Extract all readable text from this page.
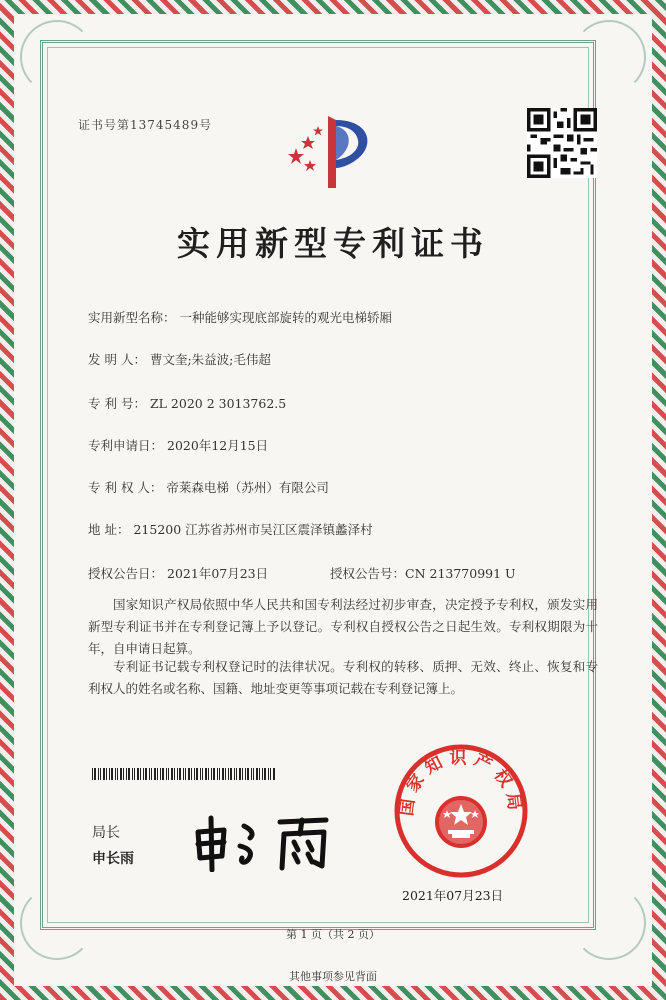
证书号第13745489号
实用新型专利证书
实用新型名称： 一种能够实现底部旋转的观光电梯轿厢
发 明 人： 曹文奎;朱益波;毛伟超
专 利 号： ZL 2020 2 3013762.5
专利申请日： 2020年12月15日
专 利 权 人： 帝莱森电梯（苏州）有限公司
地 址： 215200 江苏省苏州市吴江区震泽镇蠡泽村
授权公告日： 2021年07月23日	授权公告号：CN 213770991 U
国家知识产权局依照中华人民共和国专利法经过初步审查，决定授予专利权，颁发实用新型专利证书并在专利登记簿上予以登记。专利权自授权公告之日起生效。专利权期限为十年，自申请日起算。
专利证书记载专利权登记时的法律状况。专利权的转移、质押、无效、终止、恢复和专利权人的姓名或名称、国籍、地址变更等事项记载在专利登记簿上。
局长
申长雨
国家知识产权局
2021年07月23日
第 1 页（共 2 页）
其他事项参见背面
